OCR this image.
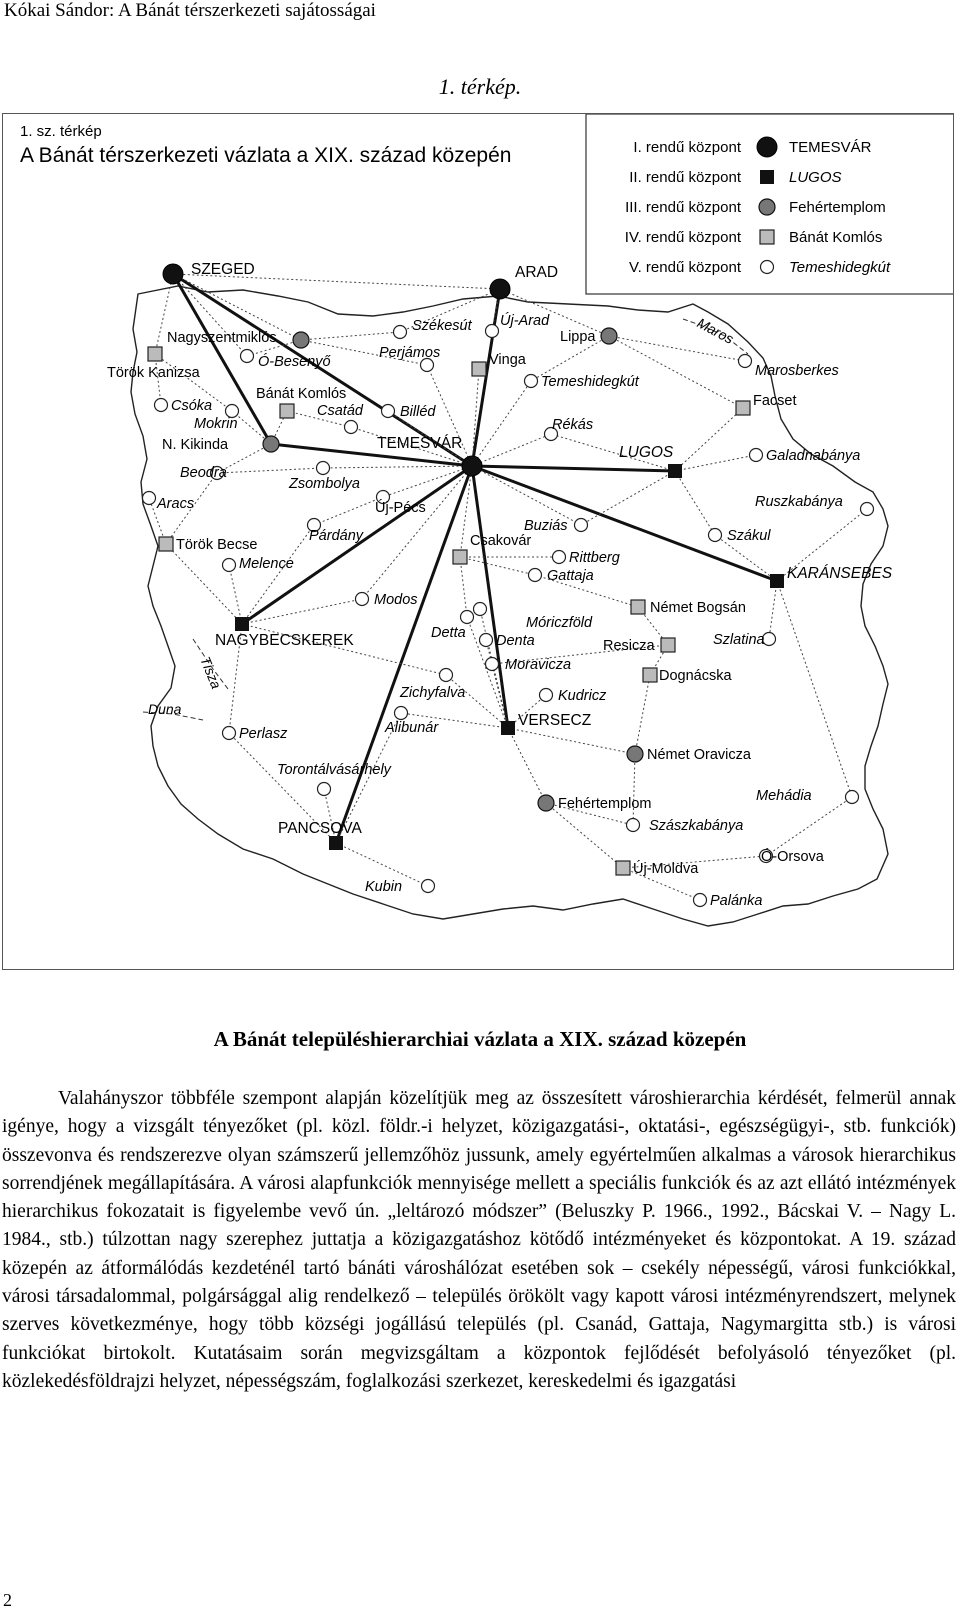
Kókai Sándor: A Bánát térszerkezeti sajátosságai
1. térkép.
Maros
Tisza
Duna
SZEGED	ARAD
TEMESVÁR
LUGOS
KARÁNSEBES
NAGYBECSKEREK
VERSECZ
PANCSOVA
Nagyszentmiklós
N. Kikinda
Lippa
Fehértemplom
Német Oravicza
Török Kanizsa
Bánát Komlós
Vinga
Facset
Török Becse	Csakovár
Német Bogsán
Resicza
Dognácska
Új-Moldva
Ó-Besenyő
Csóka
Mokrin
Csatád	Billéd
Székesút
Perjámos
Új-Arad
Temeshidegkút
Rékás
Marosberkes
Galadnabánya
Beodra
Zsombolya
Aracs	Új-Pécs
Párdány
Melence
Buziás
Rittberg
Gattaja
Ruszkabánya
Szákul
Modos
Detta
Móriczföld
Denta
Moravicza
Szlatina
Zichyfalva	Kudricz
Perlasz	Alibunár
Torontálvásárhely
Mehádia
Szászkabánya
Ó-Orsova
Kubin
Palánka
1. sz. térkép
A Bánát térszerkezeti vázlata a XIX. század közepén	I. rendű központ	TEMESVÁR
II. rendű központ	LUGOS
III. rendű központ	Fehértemplom
IV. rendű központ	Bánát Komlós
V. rendű központ	Temeshidegkút
A Bánát településhierarchiai vázlata a XIX. század közepén

Valahányszor többféle szempont alapján közelítjük meg az összesített városhierarchia kérdését, felmerül annak igénye, hogy a vizsgált tényezőket (pl. közl. földr.-i helyzet, közigazgatási-, oktatási-, egészségügyi-, stb. funkciók) összevonva és rendszerezve olyan számszerű jellemzőhöz jussunk, amely egyértelműen alkalmas a városok hierarchikus sorrendjének megállapítására. A városi alapfunkciók mennyisége mellett a speciális funkciók és az azt ellátó intézmények hierarchikus fokozatait is figyelembe vevő ún. „leltározó módszer” (Beluszky P. 1966., 1992., Bácskai V. – Nagy L. 1984., stb.) túlzottan nagy szerephez juttatja a közigazgatáshoz kötődő intézményeket és központokat. A 19. század közepén az átformálódás kezdeténél tartó bánáti városhálózat esetében sok – csekély népességű, városi funkciókkal, városi társadalommal, polgársággal alig rendelkező – település örökölt vagy kapott városi intézményrendszert, melynek szerves következménye, hogy több községi jogállású település (pl. Csanád, Gattaja, Nagymargitta stb.) is városi funkciókat birtokolt. Kutatásaim során megvizsgáltam a központok fejlődését befolyásoló tényezőket (pl. közlekedésföldrajzi helyzet, népességszám, foglalkozási szerkezet, kereskedelmi és igazgatási

2
